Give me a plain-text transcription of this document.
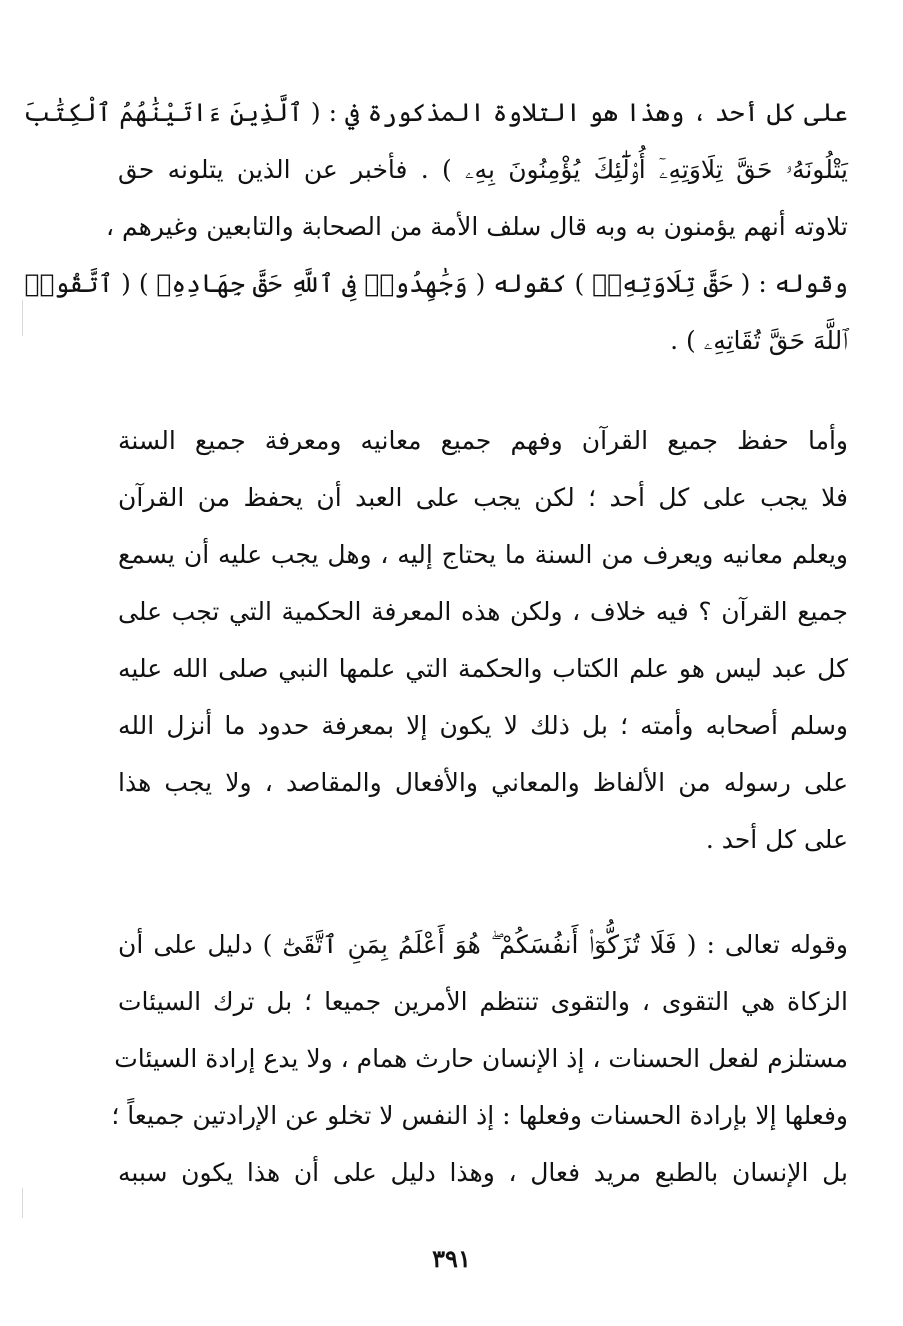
على كل أحد ، وهذا هو التلاوة المذكورة في : ( ٱلَّذِينَ ءَاتَيْنَٰهُمُ ٱلْكِتَٰبَ
يَتْلُونَهُۥ حَقَّ تِلَاوَتِهِۦٓ أُو۟لَٰٓئِكَ يُؤْمِنُونَ بِهِۦ ) . فأخبر عن الذين يتلونه حق
تلاوته أنهم يؤمنون به وبه قال سلف الأمة من الصحابة والتابعين وغيرهم ،
وقوله : ( حَقَّ تِلَاوَتِهِۦٓ ) كقوله ( وَجَٰهِدُوا۟ فِى ٱللَّهِ حَقَّ جِهَادِهِۦ ) ( ٱتَّقُوا۟
ٱللَّهَ حَقَّ تُقَاتِهِۦ ) .
وأما حفظ جميع القرآن وفهم جميع معانيه ومعرفة جميع السنة
فلا يجب على كل أحد ؛ لكن يجب على العبد أن يحفظ من القرآن
ويعلم معانيه ويعرف من السنة ما يحتاج إليه ، وهل يجب عليه أن يسمع
جميع القرآن ؟ فيه خلاف ، ولكن هذه المعرفة الحكمية التي تجب على
كل عبد ليس هو علم الكتاب والحكمة التي علمها النبي صلى الله عليه
وسلم أصحابه وأمته ؛ بل ذلك لا يكون إلا بمعرفة حدود ما أنزل الله
على رسوله من الألفاظ والمعاني والأفعال والمقاصد ، ولا يجب هذا
على كل أحد .
وقوله تعالى : ( فَلَا تُزَكُّوٓا۟ أَنفُسَكُمْ ۖ هُوَ أَعْلَمُ بِمَنِ ٱتَّقَىٰٓ ) دليل على أن
الزكاة هي التقوى ، والتقوى تنتظم الأمرين جميعا ؛ بل ترك السيئات
مستلزم لفعل الحسنات ، إذ الإنسان حارث همام ، ولا يدع إرادة السيئات
وفعلها إلا بإرادة الحسنات وفعلها : إذ النفس لا تخلو عن الإرادتين جميعاً ؛
بل الإنسان بالطبع مريد فعال ، وهذا دليل على أن هذا يكون سببه
٣٩١
